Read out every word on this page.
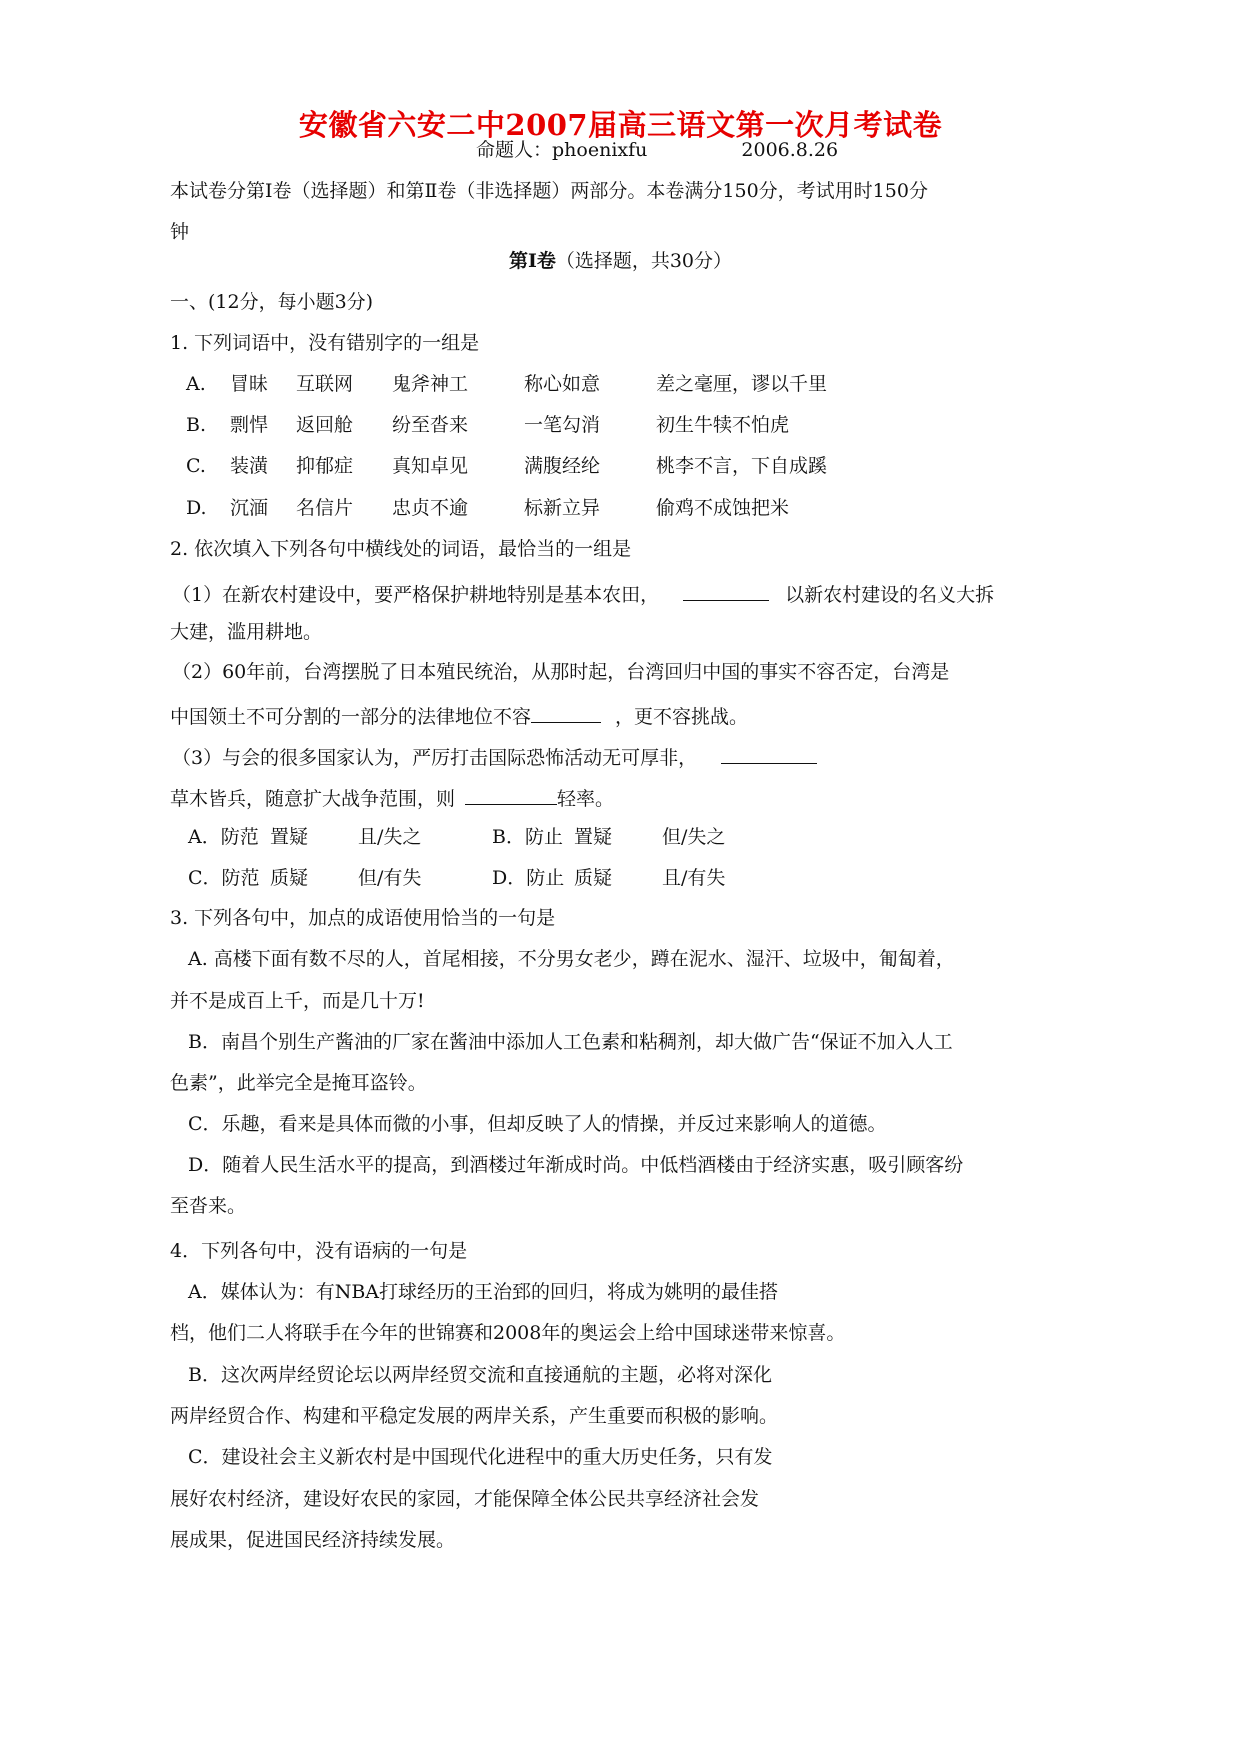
安徽省六安二中2007届高三语文第一次月考试卷
命题人：phoenixfu	2006.8.26
本试卷分第Ⅰ卷（选择题）和第Ⅱ卷（非选择题）两部分。本卷满分150分，考试用时150分
钟
第Ⅰ卷（选择题，共30分）
一、(12分，每小题3分)
1. 下列词语中，没有错别字的一组是
A. 冒昧 互联网 鬼斧神工	称心如意	差之毫厘，谬以千里
B. 剽悍 返回舱 纷至沓来	一笔勾消	初生牛犊不怕虎
C. 装潢 抑郁症 真知卓见	满腹经纶	桃李不言，下自成蹊
D. 沉湎 名信片 忠贞不逾	标新立异	偷鸡不成蚀把米
2. 依次填入下列各句中横线处的词语，最恰当的一组是
（1）在新农村建设中，要严格保护耕地特别是基本农田，	以新农村建设的名义大拆
大建，滥用耕地。
（2）60年前，台湾摆脱了日本殖民统治，从那时起，台湾回归中国的事实不容否定，台湾是
中国领土不可分割的一部分的法律地位不容	，更不容挑战。
（3）与会的很多国家认为，严厉打击国际恐怖活动无可厚非，
草木皆兵，随意扩大战争范围，则	轻率。
A．防范 置疑	且/失之	B．防止 置疑	但/失之
C．防范 质疑	但/有失	D．防止 质疑	且/有失
3. 下列各句中，加点的成语使用恰当的一句是
A. 高楼下面有数不尽的人，首尾相接，不分男女老少，蹲在泥水、湿汗、垃圾中，匍匐着，
并不是成百上千，而是几十万!
B．南昌个别生产酱油的厂家在酱油中添加人工色素和粘稠剂，却大做广告“保证不加入人工
色素”，此举完全是掩耳盗铃。
C．乐趣，看来是具体而微的小事，但却反映了人的情操，并反过来影响人的道德。
D．随着人民生活水平的提高，到酒楼过年渐成时尚。中低档酒楼由于经济实惠，吸引顾客纷
至沓来。
4．下列各句中，没有语病的一句是
A．媒体认为：有NBA打球经历的王治郅的回归，将成为姚明的最佳搭
档，他们二人将联手在今年的世锦赛和2008年的奥运会上给中国球迷带来惊喜。
B．这次两岸经贸论坛以两岸经贸交流和直接通航的主题，必将对深化
两岸经贸合作、构建和平稳定发展的两岸关系，产生重要而积极的影响。
C．建设社会主义新农村是中国现代化进程中的重大历史任务，只有发
展好农村经济，建设好农民的家园，才能保障全体公民共享经济社会发
展成果，促进国民经济持续发展。
